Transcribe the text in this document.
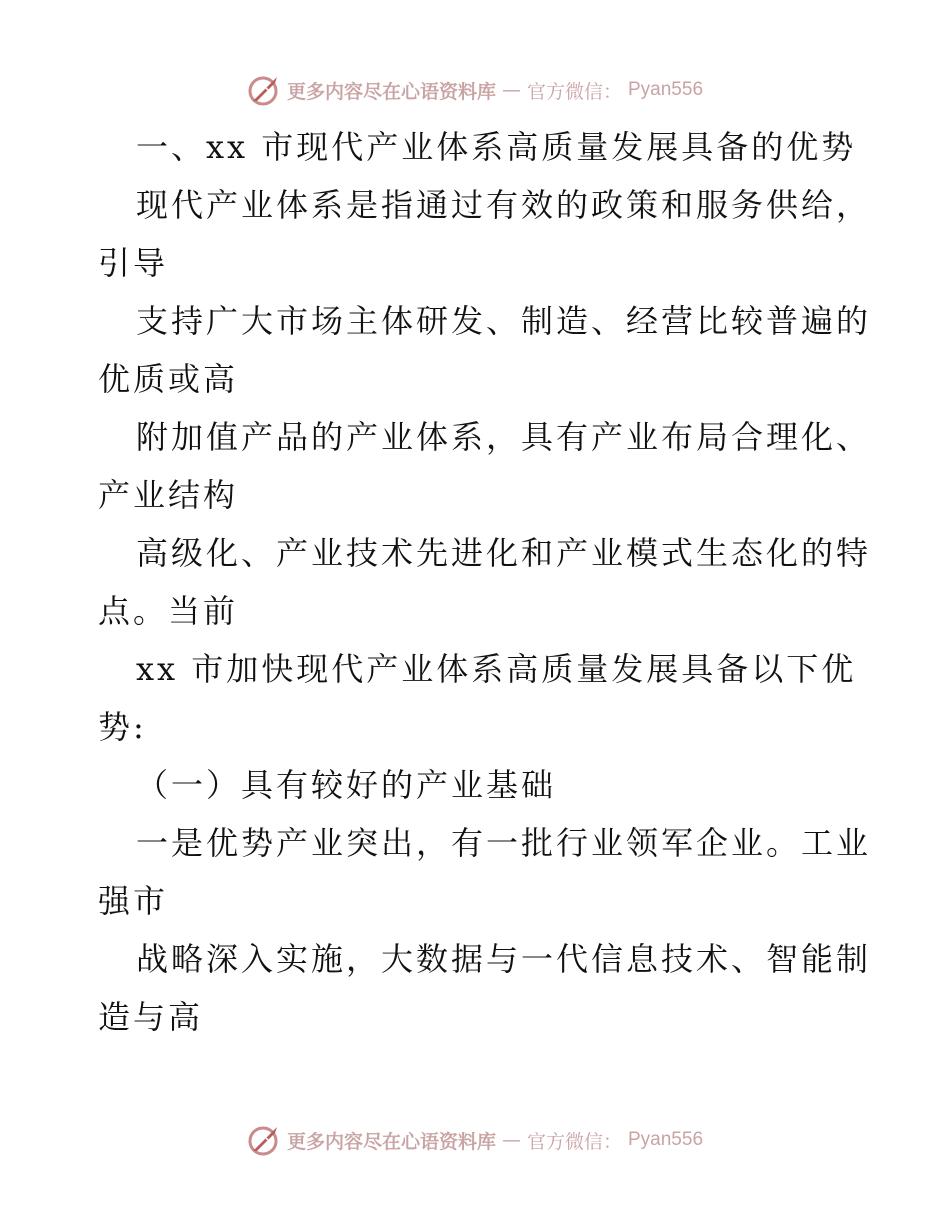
更多内容尽在心语资料库 — 官方微信： Pyan556
一、xx 市现代产业体系高质量发展具备的优势
现代产业体系是指通过有效的政策和服务供给，
引导
支持广大市场主体研发、制造、经营比较普遍的
优质或高
附加值产品的产业体系，具有产业布局合理化、
产业结构
高级化、产业技术先进化和产业模式生态化的特
点。当前
xx 市加快现代产业体系高质量发展具备以下优
势:
（一）具有较好的产业基础
一是优势产业突出，有一批行业领军企业。工业
强市
战略深入实施，大数据与一代信息技术、智能制
造与高
更多内容尽在心语资料库 — 官方微信： Pyan556
